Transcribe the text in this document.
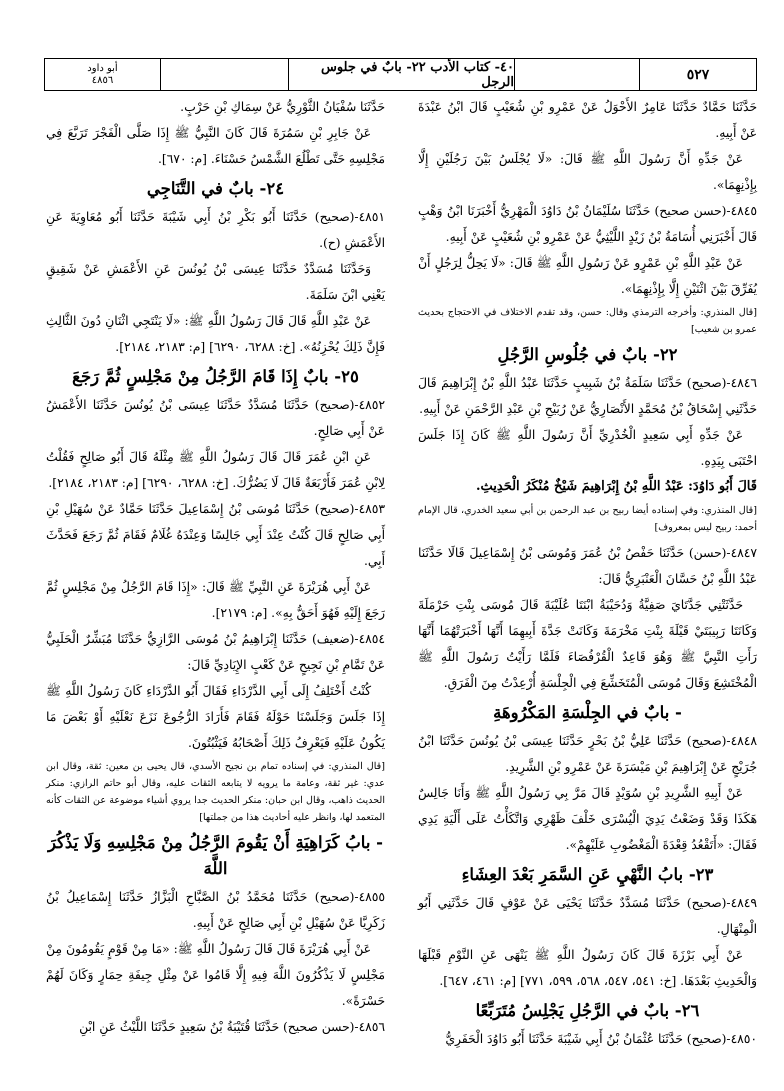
أبو داود
٤٨٥٦
٤٠- كتاب الأدب ٢٢- بابٌ في جلوس الرجل	٥٢٧
حَدَّثَنَا حَمَّادٌ حَدَّثَنَا عَامِرٌ الأَحْوَلُ عَنْ عَمْرِو بْنِ شُعَيْبٍ قَالَ ابْنُ عَبْدَةَ عَنْ أَبِيهِ.
عَنْ جَدِّهِ أَنَّ رَسُولَ اللَّهِ ﷺ قَالَ: «لَا يُجْلَسُ بَيْنَ رَجُلَيْنِ إِلَّا بِإِذْنِهِمَا».
٤٨٤٥-(حسن صحيح) حَدَّثَنَا سُلَيْمَانُ بْنُ دَاوُدَ الْمَهْرِيُّ أَخْبَرَنَا ابْنُ وَهْبٍ قَالَ أَخْبَرَنِي أُسَامَةُ بْنُ زَيْدٍ اللَّيْثِيُّ عَنْ عَمْرِو بْنِ شُعَيْبٍ عَنْ أَبِيهِ.
عَنْ عَبْدِ اللَّهِ بْنِ عَمْرٍو عَنْ رَسُولِ اللَّهِ ﷺ قَالَ: «لَا يَحِلُّ لِرَجُلٍ أَنْ يُفَرِّقَ بَيْنَ اثْنَيْنِ إِلَّا بِإِذْنِهِمَا».
[قال المنذري: وأخرجه الترمذي وقال: حسن، وقد تقدم الاختلاف في الاحتجاج بحديث عمرو بن شعيب]
٢٢- بابٌ في جُلُوسِ الرَّجُلِ
٤٨٤٦-(صحيح) حَدَّثَنَا سَلَمَةُ بْنُ شَبِيبٍ حَدَّثَنَا عَبْدُ اللَّهِ بْنُ إِبْرَاهِيمَ قَالَ حَدَّثَنِي إِسْحَاقُ بْنُ مُحَمَّدٍ الأَنْصَارِيُّ عَنْ رُبَيْحِ بْنِ عَبْدِ الرَّحْمَنِ عَنْ أَبِيهِ.
عَنْ جَدِّهِ أَبِي سَعِيدٍ الْخُدْرِيِّ أَنَّ رَسُولَ اللَّهِ ﷺ كَانَ إِذَا جَلَسَ احْتَبَى بِيَدِهِ.
قَالَ أَبُو دَاوُدَ: عَبْدُ اللَّهِ بْنُ إِبْرَاهِيمَ شَيْخٌ مُنْكَرُ الْحَدِيثِ.
[قال المنذري: وفي إسناده أيضا ربيح بن عبد الرحمن بن أبي سعيد الخدري، قال الإمام أحمد: ربيح ليس بمعروف]
٤٨٤٧-(حسن) حَدَّثَنَا حَفْصُ بْنُ عُمَرَ وَمُوسَى بْنُ إِسْمَاعِيلَ قَالَا حَدَّثَنَا عَبْدُ اللَّهِ بْنُ حَسَّانَ الْعَنْبَرِيُّ قَالَ:
حَدَّثَتْنِي جَدَّتَايَ صَفِيَّةُ وَدُحَيْبَةُ ابْنَتَا عُلَيْبَةَ قَالَ مُوسَى بِنْتِ حَرْمَلَةَ وَكَانَتَا رَبِيبَتَيْ قَيْلَةَ بِنْتِ مَخْرَمَةَ وَكَانَتْ جَدَّةَ أَبِيهِمَا أَنَّهَا أَخْبَرَتْهُمَا أَنَّهَا رَأَتِ النَّبِيَّ ﷺ وَهُوَ قَاعِدٌ الْقُرْفُصَاءَ فَلَمَّا رَأَيْتُ رَسُولَ اللَّهِ ﷺ الْمُخْتَشِعَ وَقَالَ مُوسَى الْمُتَخَشِّعَ فِي الْجِلْسَةِ أُرْعِدْتُ مِنَ الْفَرَقِ.
- بابٌ في الجِلْسَةِ المَكْرُوهَةِ
٤٨٤٨-(صحيح) حَدَّثَنَا عَلِيُّ بْنُ بَحْرٍ حَدَّثَنَا عِيسَى بْنُ يُونُسَ حَدَّثَنَا ابْنُ جُرَيْجٍ عَنْ إِبْرَاهِيمَ بْنِ مَيْسَرَةَ عَنْ عَمْرِو بْنِ الشَّرِيدِ.
عَنْ أَبِيهِ الشَّرِيدِ بْنِ سُوَيْدٍ قَالَ مَرَّ بِي رَسُولُ اللَّهِ ﷺ وَأَنَا جَالِسٌ هَكَذَا وَقَدْ وَضَعْتُ يَدِيَ الْيُسْرَى خَلْفَ ظَهْرِي وَاتَّكَأْتُ عَلَى أَلْيَةِ يَدِي فَقَالَ: «أَتَقْعُدُ قِعْدَةَ الْمَغْضُوبِ عَلَيْهِمْ».
٢٣- بابُ النَّهْيِ عَنِ السَّمَرِ بَعْدَ العِشَاءِ
٤٨٤٩-(صحيح) حَدَّثَنَا مُسَدَّدٌ حَدَّثَنَا يَحْيَى عَنْ عَوْفٍ قَالَ حَدَّثَنِي أَبُو الْمِنْهَالِ.
عَنْ أَبِي بَرْزَةَ قَالَ كَانَ رَسُولُ اللَّهِ ﷺ يَنْهَى عَنِ النَّوْمِ قَبْلَهَا وَالْحَدِيثِ بَعْدَهَا. [خ: ٥٤١، ٥٤٧، ٥٦٨، ٥٩٩، ٧٧١] [م: ٤٦١، ٦٤٧].
٢٦- بابٌ في الرَّجُلِ يَجْلِسُ مُتَرَبِّعًا
٤٨٥٠-(صحيح) حَدَّثَنَا عُثْمَانُ بْنُ أَبِي شَيْبَةَ حَدَّثَنَا أَبُو دَاوُدَ الْحَفَرِيُّ
حَدَّثَنَا سُفْيَانُ الثَّوْرِيُّ عَنْ سِمَاكِ بْنِ حَرْبٍ.
عَنْ جَابِرِ بْنِ سَمُرَةَ قَالَ كَانَ النَّبِيُّ ﷺ إِذَا صَلَّى الْفَجْرَ تَرَبَّعَ فِي مَجْلِسِهِ حَتَّى تَطْلُعَ الشَّمْسُ حَسْنَاءَ. [م: ٦٧٠].
٢٤- بابٌ في التَّنَاجِي
٤٨٥١-(صحيح) حَدَّثَنَا أَبُو بَكْرِ بْنُ أَبِي شَيْبَةَ حَدَّثَنَا أَبُو مُعَاوِيَةَ عَنِ الأَعْمَشِ (ح).
وَحَدَّثَنَا مُسَدَّدٌ حَدَّثَنَا عِيسَى بْنُ يُونُسَ عَنِ الأَعْمَشِ عَنْ شَقِيقٍ يَعْنِي ابْنَ سَلَمَةَ.
عَنْ عَبْدِ اللَّهِ قَالَ قَالَ رَسُولُ اللَّهِ ﷺ: «لَا يَنْتَجِي اثْنَانِ دُونَ الثَّالِثِ فَإِنَّ ذَلِكَ يُحْزِنُهُ». [خ: ٦٢٨٨، ٦٢٩٠] [م: ٢١٨٣، ٢١٨٤].
٢٥- بابٌ إِذَا قَامَ الرَّجُلُ مِنْ مَجْلِسٍ ثُمَّ رَجَعَ
٤٨٥٢-(صحيح) حَدَّثَنَا مُسَدَّدٌ حَدَّثَنَا عِيسَى بْنُ يُونُسَ حَدَّثَنَا الأَعْمَشُ عَنْ أَبِي صَالِحٍ.
عَنِ ابْنِ عُمَرَ قَالَ قَالَ رَسُولُ اللَّهِ ﷺ مِثْلَهُ قَالَ أَبُو صَالِحٍ فَقُلْتُ لِابْنِ عُمَرَ فَأَرْبَعَةٌ قَالَ لَا يَضُرُّكَ. [خ: ٦٢٨٨، ٦٢٩٠] [م: ٢١٨٣، ٢١٨٤].
٤٨٥٣-(صحيح) حَدَّثَنَا مُوسَى بْنُ إِسْمَاعِيلَ حَدَّثَنَا حَمَّادٌ عَنْ سُهَيْلِ بْنِ أَبِي صَالِحٍ قَالَ كُنْتُ عِنْدَ أَبِي جَالِسًا وَعِنْدَهُ غُلَامٌ فَقَامَ ثُمَّ رَجَعَ فَحَدَّثَ أَبِي.
عَنْ أَبِي هُرَيْرَةَ عَنِ النَّبِيِّ ﷺ قَالَ: «إِذَا قَامَ الرَّجُلُ مِنْ مَجْلِسٍ ثُمَّ رَجَعَ إِلَيْهِ فَهُوَ أَحَقُّ بِهِ». [م: ٢١٧٩].
٤٨٥٤-(ضعيف) حَدَّثَنَا إِبْرَاهِيمُ بْنُ مُوسَى الرَّازِيُّ حَدَّثَنَا مُبَشِّرٌ الْحَلَبِيُّ عَنْ تَمَّامِ بْنِ نَجِيحٍ عَنْ كَعْبٍ الإِيَادِيِّ قَالَ:
كُنْتُ أَخْتَلِفُ إِلَى أَبِي الدَّرْدَاءِ فَقَالَ أَبُو الدَّرْدَاءِ كَانَ رَسُولُ اللَّهِ ﷺ إِذَا جَلَسَ وَجَلَسْنَا حَوْلَهُ فَقَامَ فَأَرَادَ الرُّجُوعَ نَزَعَ نَعْلَيْهِ أَوْ بَعْضَ مَا يَكُونُ عَلَيْهِ فَيَعْرِفُ ذَلِكَ أَصْحَابُهُ فَيَثْبُتُونَ.
[قال المنذري: في إسناده تمام بن نجيح الأسدي، قال يحيى بن معين: ثقة، وقال ابن عدي: غير ثقة، وعامة ما يرويه لا يتابعه الثقات عليه، وقال أبو حاتم الرازي: منكر الحديث ذاهب، وقال ابن حبان: منكر الحديث جدا يروي أشياء موضوعة عن الثقات كأنه المتعمد لها، وانظر عليه أحاديث هذا من جملتها]
- بابُ كَرَاهِيَةِ أَنْ يَقُومَ الرَّجُلُ مِنْ مَجْلِسِهِ وَلَا يَذْكُرَ اللَّهَ
٤٨٥٥-(صحيح) حَدَّثَنَا مُحَمَّدُ بْنُ الصَّبَّاحِ الْبَزَّازُ حَدَّثَنَا إِسْمَاعِيلُ بْنُ زَكَرِيَّا عَنْ سُهَيْلِ بْنِ أَبِي صَالِحٍ عَنْ أَبِيهِ.
عَنْ أَبِي هُرَيْرَةَ قَالَ قَالَ رَسُولُ اللَّهِ ﷺ: «مَا مِنْ قَوْمٍ يَقُومُونَ مِنْ مَجْلِسٍ لَا يَذْكُرُونَ اللَّهَ فِيهِ إِلَّا قَامُوا عَنْ مِثْلِ جِيفَةِ حِمَارٍ وَكَانَ لَهُمْ حَسْرَةً».
٤٨٥٦-(حسن صحيح) حَدَّثَنَا قُتَيْبَةُ بْنُ سَعِيدٍ حَدَّثَنَا اللَّيْثُ عَنِ ابْنِ
